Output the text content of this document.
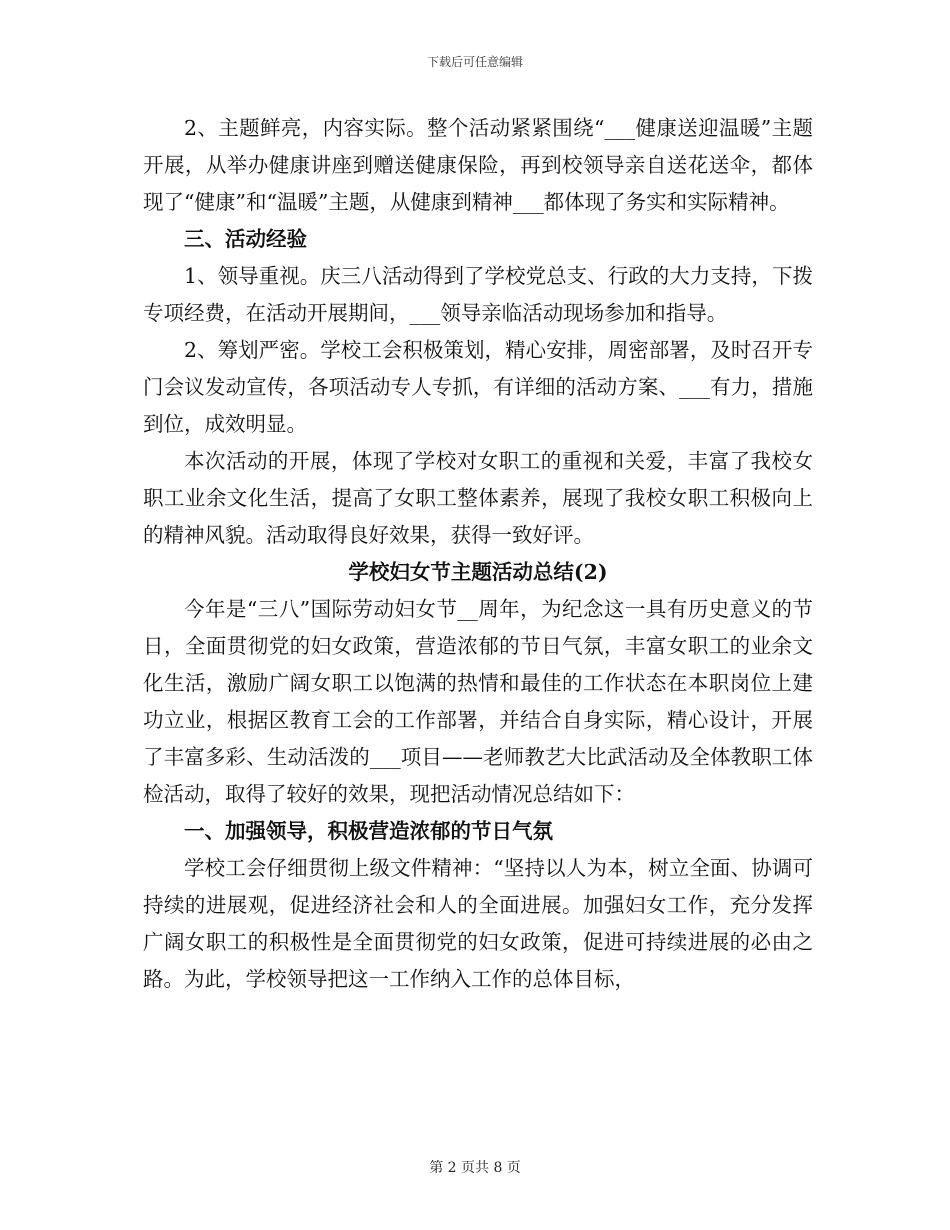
下载后可任意编辑

2、主题鲜亮，内容实际。整个活动紧紧围绕“___健康送迎温暖”主题开展，从举办健康讲座到赠送健康保险，再到校领导亲自送花送伞，都体现了“健康”和“温暖”主题，从健康到精神___都体现了务实和实际精神。

三、活动经验

1、领导重视。庆三八活动得到了学校党总支、行政的大力支持，下拨专项经费，在活动开展期间，___领导亲临活动现场参加和指导。

2、筹划严密。学校工会积极策划，精心安排，周密部署，及时召开专门会议发动宣传，各项活动专人专抓，有详细的活动方案、___有力，措施到位，成效明显。

本次活动的开展，体现了学校对女职工的重视和关爱，丰富了我校女职工业余文化生活，提高了女职工整体素养，展现了我校女职工积极向上的精神风貌。活动取得良好效果，获得一致好评。

学校妇女节主题活动总结(2)

今年是“三八”国际劳动妇女节__周年，为纪念这一具有历史意义的节日，全面贯彻党的妇女政策，营造浓郁的节日气氛，丰富女职工的业余文化生活，激励广阔女职工以饱满的热情和最佳的工作状态在本职岗位上建功立业，根据区教育工会的工作部署，并结合自身实际，精心设计，开展了丰富多彩、生动活泼的___项目——老师教艺大比武活动及全体教职工体检活动，取得了较好的效果，现把活动情况总结如下：

一、加强领导，积极营造浓郁的节日气氛

学校工会仔细贯彻上级文件精神：“坚持以人为本，树立全面、协调可持续的进展观，促进经济社会和人的全面进展。加强妇女工作，充分发挥广阔女职工的积极性是全面贯彻党的妇女政策，促进可持续进展的必由之路。为此，学校领导把这一工作纳入工作的总体目标，

第 2 页共 8 页
